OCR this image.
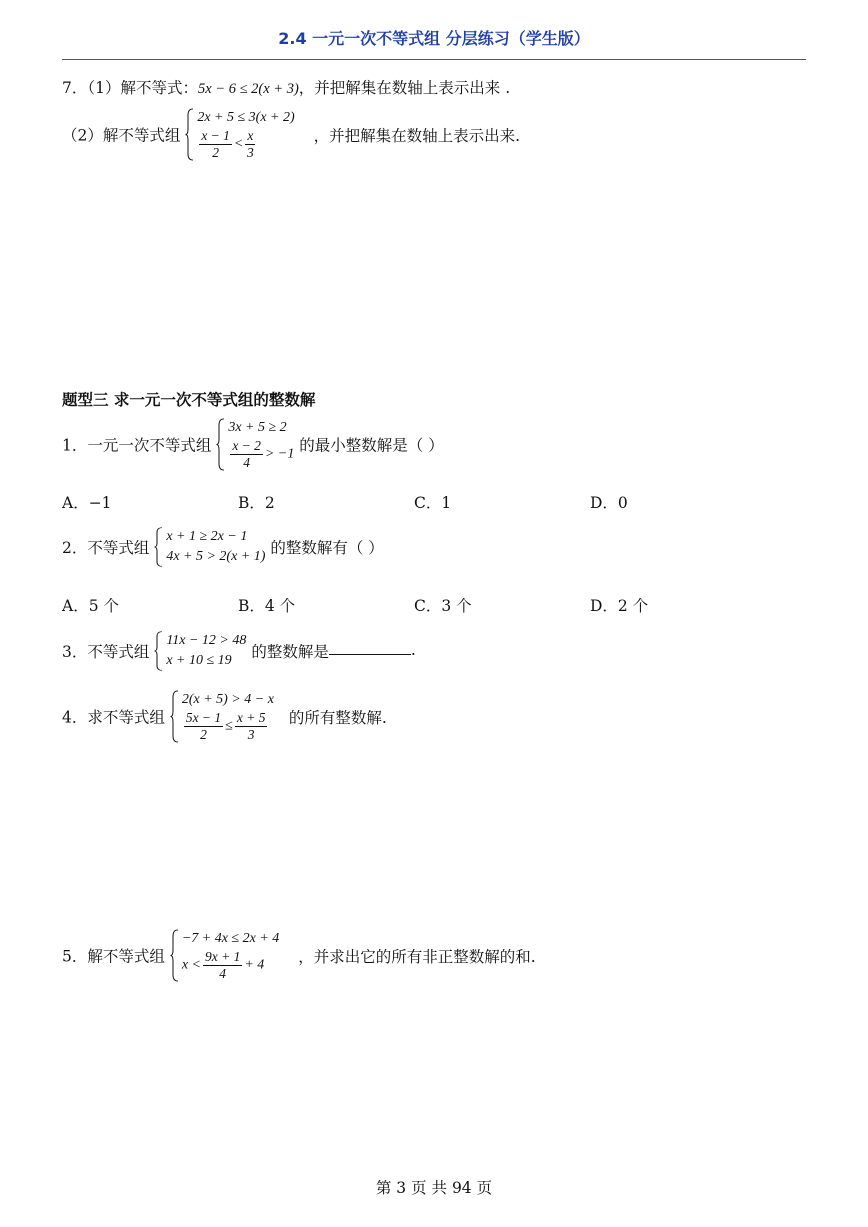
2.4 一元一次不等式组 分层练习（学生版）
7．（1）解不等式：5x − 6 ≤ 2(x + 3)，并把解集在数轴上表示出来 .
（2）解不等式组
2x + 5 ≤ 3(x + 2)
$\frac{x - 1}{2} < \frac{x}{3}$	，并把解集在数轴上表示出来.
题型三 求一元一次不等式组的整数解
1．一元一次不等式组
3x + 5 ≥ 2
$\frac{x - 2}{4} > -1$ 的最小整数解是（ ）
A．−1	B．2	C．1	D．0
2．不等式组
x + 1 ≥ 2x − 1
4x + 5 > 2(x + 1) 的整数解有（ ）
A．5 个	B．4 个	C．3 个	D．2 个
3．不等式组
11x − 12 > 48
x + 10 ≤ 19	的整数解是	.
4．求不等式组
2(x + 5) > 4 − x
$\frac{5x - 1}{2} \le \frac{x + 5}{3}$ 的所有整数解.
5．解不等式组
−7 + 4x ≤ 2x + 4
$x < \frac{9x + 1}{4} + 4$	，并求出它的所有非正整数解的和.
第 3 页 共 94 页
